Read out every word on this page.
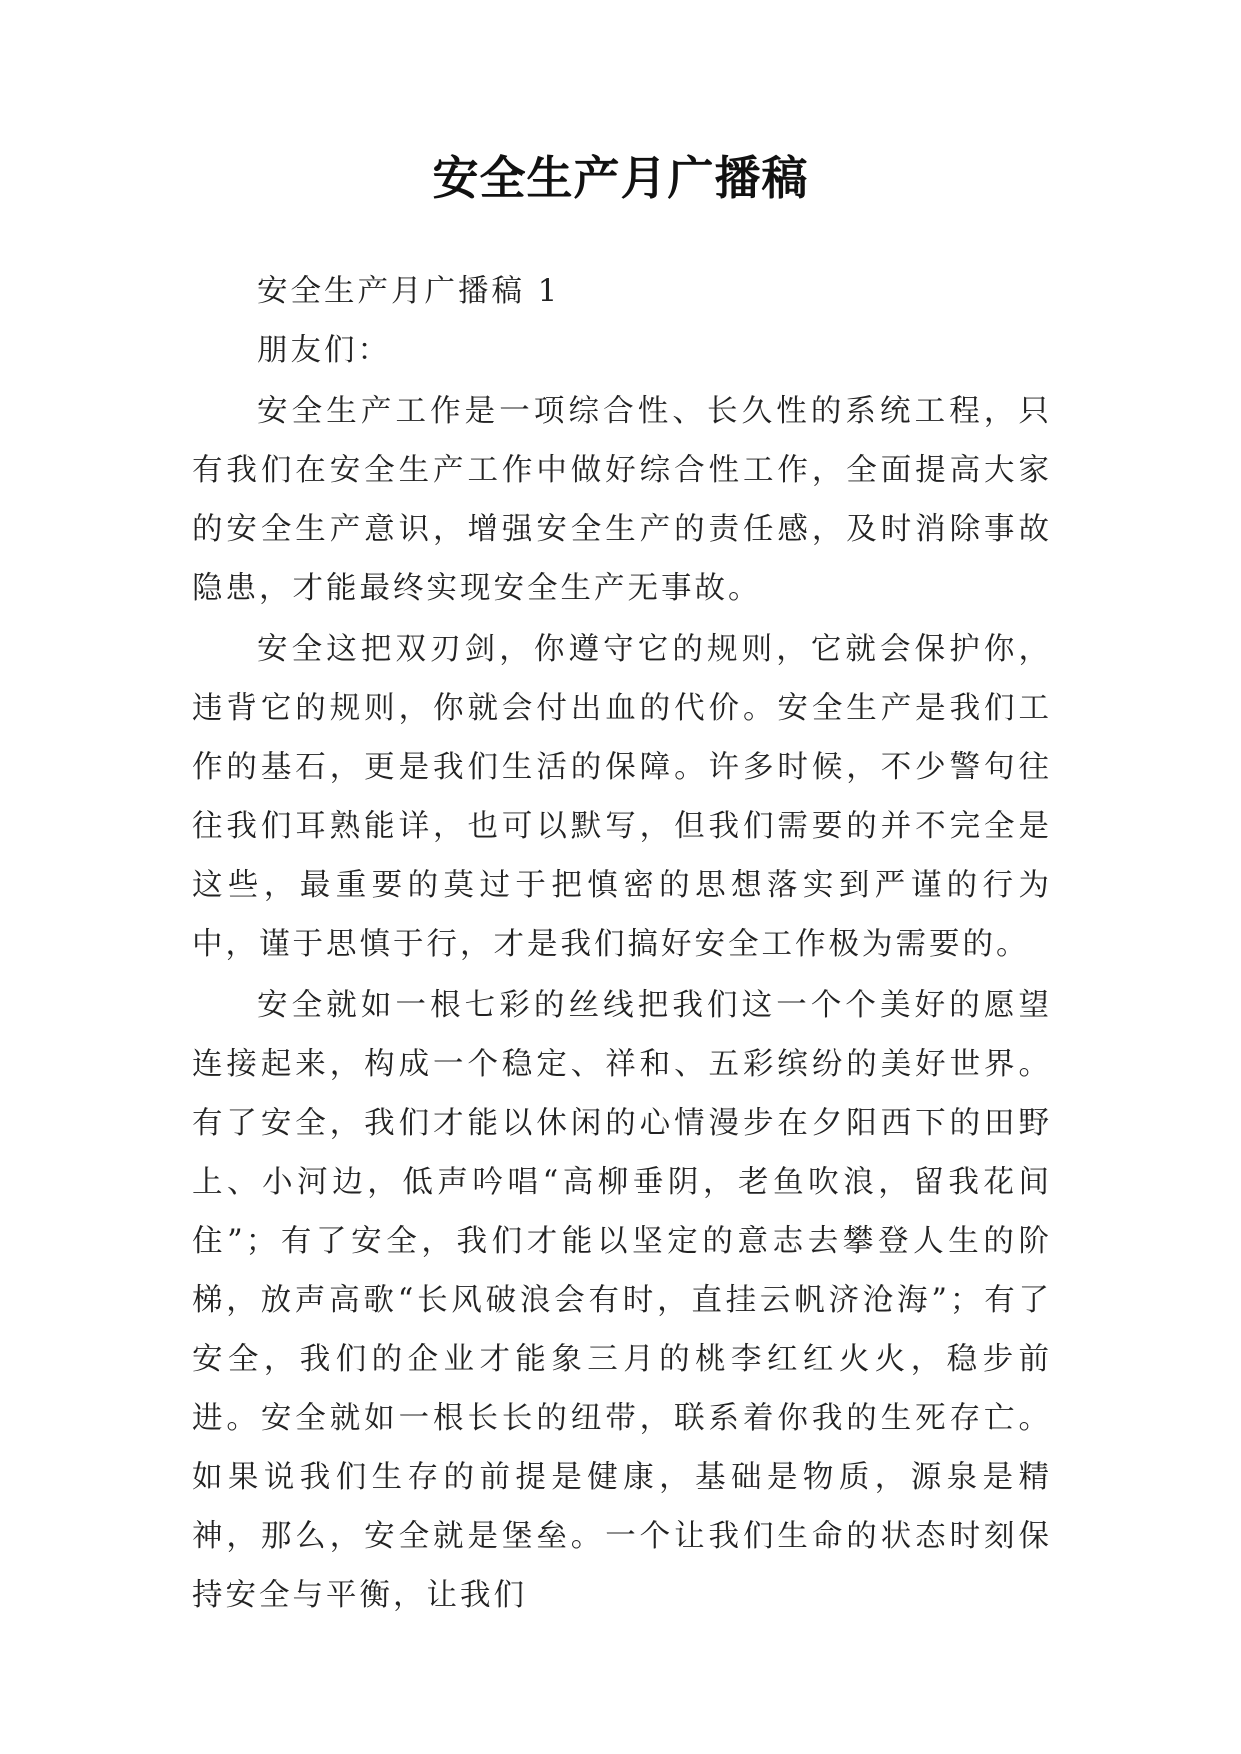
安全生产月广播稿

安全生产月广播稿 1

朋友们：

安全生产工作是一项综合性、长久性的系统工程，只有我们在安全生产工作中做好综合性工作，全面提高大家的安全生产意识，增强安全生产的责任感，及时消除事故隐患，才能最终实现安全生产无事故。

安全这把双刃剑，你遵守它的规则，它就会保护你，违背它的规则，你就会付出血的代价。安全生产是我们工作的基石，更是我们生活的保障。许多时候，不少警句往往我们耳熟能详，也可以默写，但我们需要的并不完全是这些，最重要的莫过于把慎密的思想落实到严谨的行为中，谨于思慎于行，才是我们搞好安全工作极为需要的。

安全就如一根七彩的丝线把我们这一个个美好的愿望连接起来，构成一个稳定、祥和、五彩缤纷的美好世界。有了安全，我们才能以休闲的心情漫步在夕阳西下的田野上、小河边，低声吟唱“高柳垂阴，老鱼吹浪，留我花间住”；有了安全，我们才能以坚定的意志去攀登人生的阶梯，放声高歌“长风破浪会有时，直挂云帆济沧海”；有了安全，我们的企业才能象三月的桃李红红火火，稳步前进。安全就如一根长长的纽带，联系着你我的生死存亡。如果说我们生存的前提是健康，基础是物质，源泉是精神，那么，安全就是堡垒。一个让我们生命的状态时刻保持安全与平衡，让我们
